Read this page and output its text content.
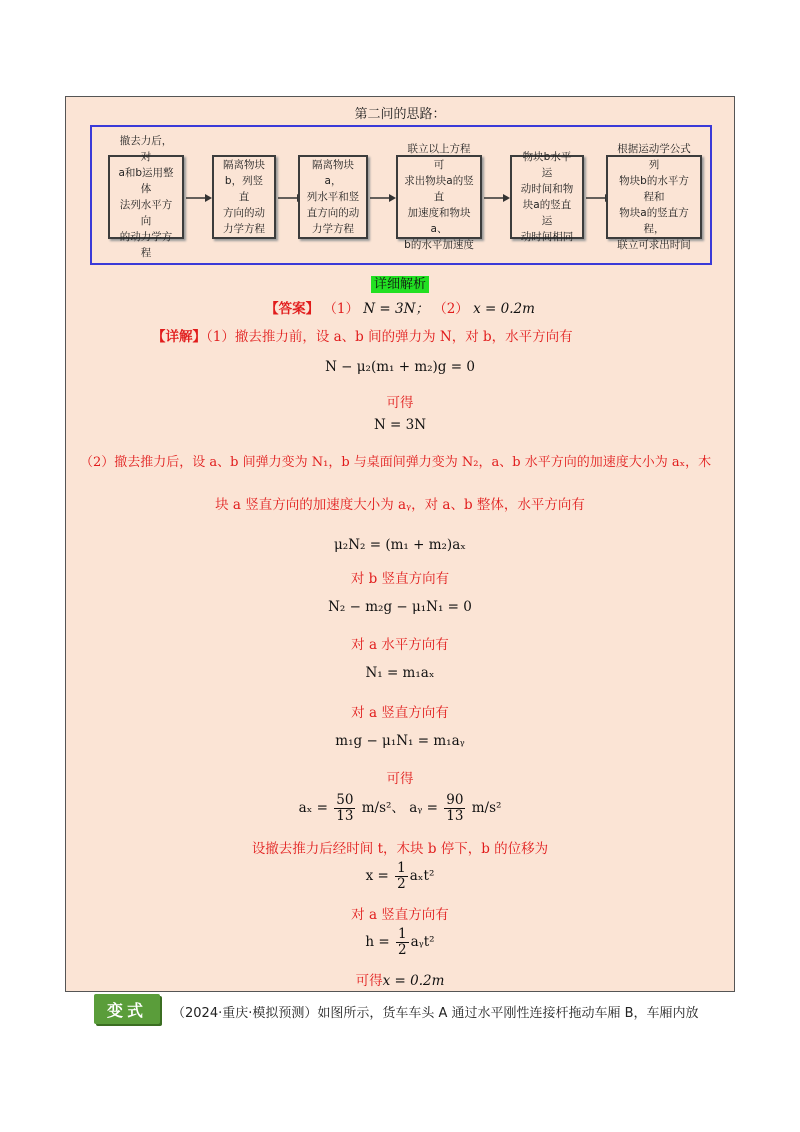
第二问的思路：
撤去力后，对
a和b运用整体
法列水平方向
的动力学方程
隔离物块
b，列竖直
方向的动
力学方程
隔离物块a，
列水平和竖
直方向的动
力学方程
联立以上方程可
求出物块a的竖直
加速度和物块a、
b的水平加速度
物块b水平运
动时间和物
块a的竖直运
动时间相同
根据运动学公式列
物块b的水平方程和
物块a的竖直方程，
联立可求出时间
详细解析
【答案】 （1） N = 3N； （2） x = 0.2m
【详解】（1）撤去推力前，设 a、b 间的弹力为 N，对 b，水平方向有
N − μ₂(m₁ + m₂)g = 0
可得
N = 3N
（2）撤去推力后，设 a、b 间弹力变为 N₁，b 与桌面间弹力变为 N₂，a、b 水平方向的加速度大小为 aₓ，木
块 a 竖直方向的加速度大小为 aᵧ，对 a、b 整体，水平方向有
μ₂N₂ = (m₁ + m₂)aₓ
对 b 竖直方向有
N₂ − m₂g − μ₁N₁ = 0
对 a 水平方向有
N₁ = m₁aₓ
对 a 竖直方向有
m₁g − μ₁N₁ = m₁aᵧ
可得
$a_x = \frac{50}{13} m/s^2$、 aᵧ = $\frac{90}{13} m/s^2$
设撤去推力后经时间 t，木块 b 停下，b 的位移为
$x = \frac{1}{2} a_xt^2$
对 a 竖直方向有
$h = \frac{1}{2}$ aᵧt²
可得x = 0.2m
变式	（2024·重庆·模拟预测）如图所示，货车车头 A 通过水平刚性连接杆拖动车厢 B，车厢内放
